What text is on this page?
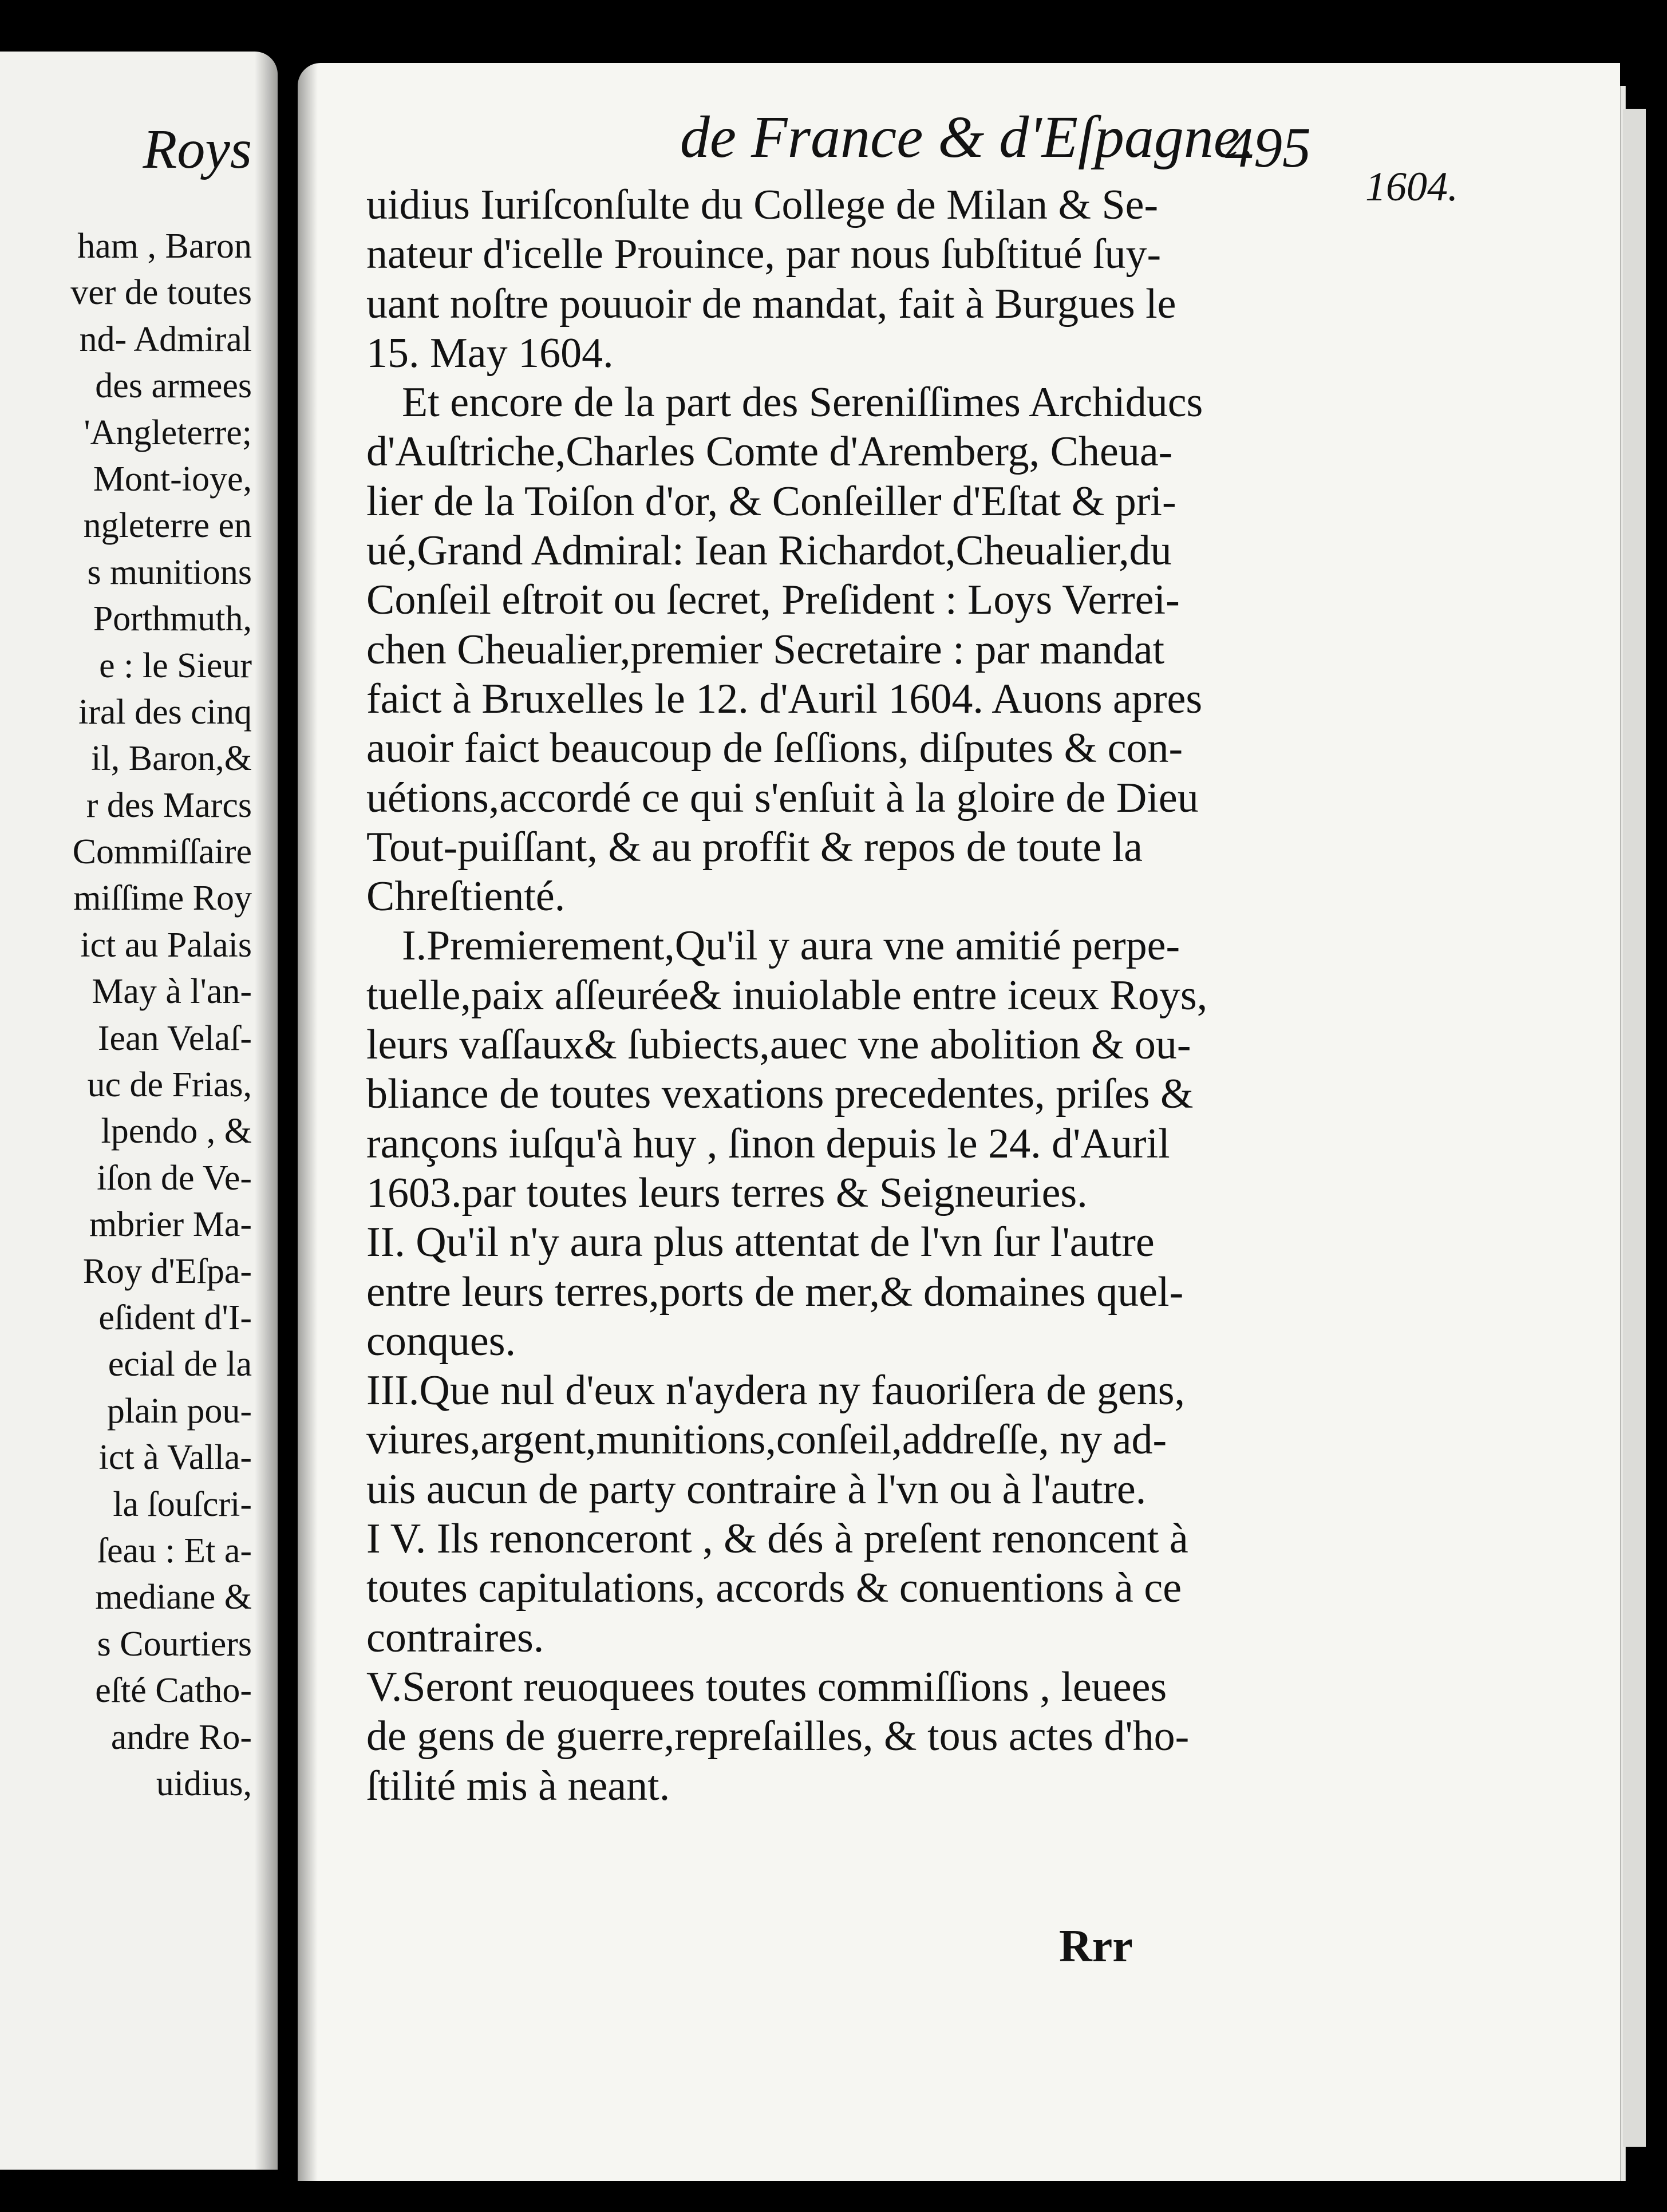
Roys
ham , Baron
ver de toutes
nd- Admiral
des armees
'Angleterre;
Mont-ioye,
ngleterre en
s munitions
Porthmuth,
e : le Sieur
iral des cinq
il, Baron,&
r des Marcs
Commiſſaire
miſſime Roy
ict au Palais
May à l'an-
Iean Velaſ-
uc de Frias,
lpendo , &
iſon de Ve-
mbrier Ma-
Roy d'Eſpa-
eſident d'I-
ecial de la
plain pou-
ict à Valla-
la ſouſcri-
ſeau : Et a-
mediane &
s Courtiers
eſté Catho-
andre Ro-
uidius,
de France & d'Eſpagne.
495
1604.
uidius Iuriſconſulte du College de Milan & Se-
nateur d'icelle Prouince, par nous ſubſtitué ſuy-
uant noſtre pouuoir de mandat, fait à Burgues le
15. May 1604.
Et encore de la part des Sereniſſimes Archiducs
d'Auſtriche,Charles Comte d'Aremberg, Cheua-
lier de la Toiſon d'or, & Conſeiller d'Eſtat & pri-
ué,Grand Admiral: Iean Richardot,Cheualier,du
Conſeil eſtroit ou ſecret, Preſident : Loys Verrei-
chen Cheualier,premier Secretaire : par mandat
faict à Bruxelles le 12. d'Auril 1604. Auons apres
auoir faict beaucoup de ſeſſions, diſputes & con-
uétions,accordé ce qui s'enſuit à la gloire de Dieu
Tout-puiſſant, & au proffit & repos de toute la
Chreſtienté.
I.Premierement,Qu'il y aura vne amitié perpe-
tuelle,paix aſſeurée& inuiolable entre iceux Roys,
leurs vaſſaux& ſubiects,auec vne abolition & ou-
bliance de toutes vexations precedentes, priſes &
rançons iuſqu'à huy , ſinon depuis le 24. d'Auril
1603.par toutes leurs terres & Seigneuries.
II. Qu'il n'y aura plus attentat de l'vn ſur l'autre
entre leurs terres,ports de mer,& domaines quel-
conques.
III.Que nul d'eux n'aydera ny fauoriſera de gens,
viures,argent,munitions,conſeil,addreſſe, ny ad-
uis aucun de party contraire à l'vn ou à l'autre.
I V. Ils renonceront , & dés à preſent renoncent à
toutes capitulations, accords & conuentions à ce
contraires.
V.Seront reuoquees toutes commiſſions , leuees
de gens de guerre,repreſailles, & tous actes d'ho-
ſtilité mis à neant.
Rrr
